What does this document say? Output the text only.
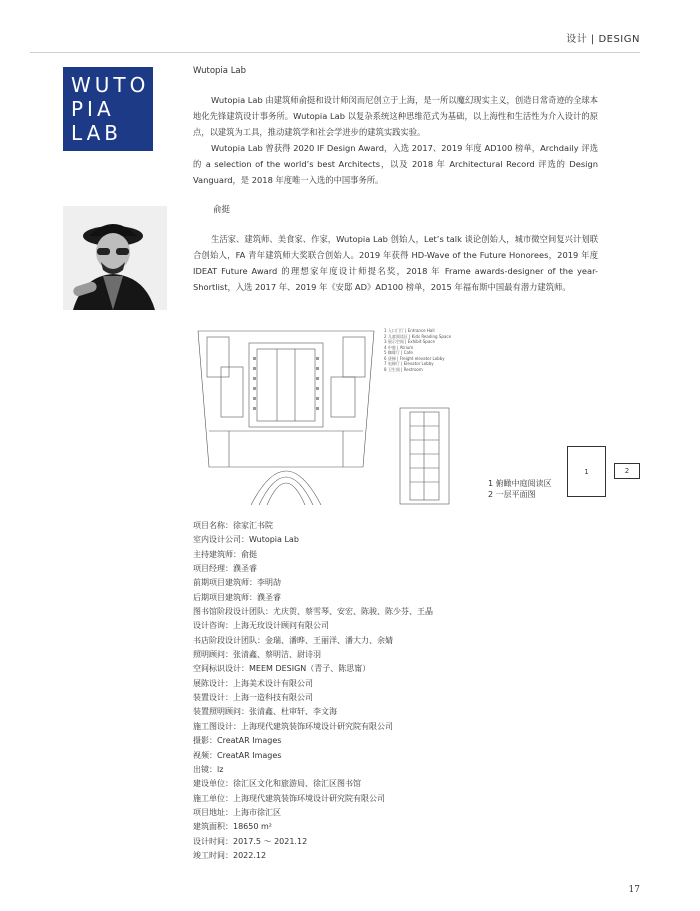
设计 | DESIGN
WUTO
PIA
LAB
Wutopia Lab

Wutopia Lab 由建筑师俞挺和设计师闵而尼创立于上海，是一所以魔幻现实主义，创造日常奇迹的全球本地化先锋建筑设计事务所。Wutopia Lab 以复杂系统这种思维范式为基础，以上海性和生活性为介入设计的原点，以建筑为工具，推动建筑学和社会学进步的建筑实践实验。

Wutopia Lab 曾获得 2020 IF Design Award，入选 2017、2019 年度 AD100 榜单，Archdaily 评选的 a selection of the world’s best Architects，以及 2018 年 Architectural Record 评选的 Design Vanguard，是 2018 年度唯一入选的中国事务所。

俞挺

生活家、建筑师、美食家、作家，Wutopia Lab 创始人，Let’s talk 谈论创始人，城市微空间复兴计划联合创始人，FA 青年建筑师大奖联合创始人。2019 年获得 HD-Wave of the Future Honorees，2019 年度 IDEAT Future Award 的理想家年度设计师提名奖，2018 年 Frame awards-designer of the year-Shortlist，入选 2017 年、2019 年《安邸 AD》AD100 榜单，2015 年福布斯中国最有潜力建筑师。

1 入口门厅 | Entrance Hall
2 儿童阅读区 | Kids Reading Space
3 展示空间 | Exhibit Space
4 中庭 | Atrium
5 咖啡厅 | Cafe
6 货梯 | Freight elevator Lobby
7 电梯厅 | Elevator Lobby
8 卫生间 | Restroom
1 俯瞰中庭阅读区
2 一层平面图
1	2
项目名称：徐家汇书院
室内设计公司：Wutopia Lab
主持建筑师：俞挺
项目经理：濮圣睿
前期项目建筑师：李明劼
后期项目建筑师：濮圣睿
图书馆阶段设计团队：尤庆贺、蔡雪琴、安宏、陈骏、陈少芬、王晶
设计咨询：上海无玫设计顾问有限公司
书店阶段设计团队：金瑞、潘晔、王丽洋、潘大力、余婧
照明顾问：张清鑫、蔡明洁、尉诗羽
空间标识设计：MEEM DESIGN（青子、陈思甯）
展陈设计：上海美术设计有限公司
装置设计：上海一造科技有限公司
装置照明顾问：张清鑫、杜审轩、李文海
施工图设计：上海现代建筑装饰环境设计研究院有限公司
摄影：CreatAR Images
视频：CreatAR Images
出镜：lz
建设单位：徐汇区文化和旅游局、徐汇区图书馆
施工单位：上海现代建筑装饰环境设计研究院有限公司
项目地址：上海市徐汇区
建筑面积：18650 m²
设计时间：2017.5 ～ 2021.12
竣工时间：2022.12
17
